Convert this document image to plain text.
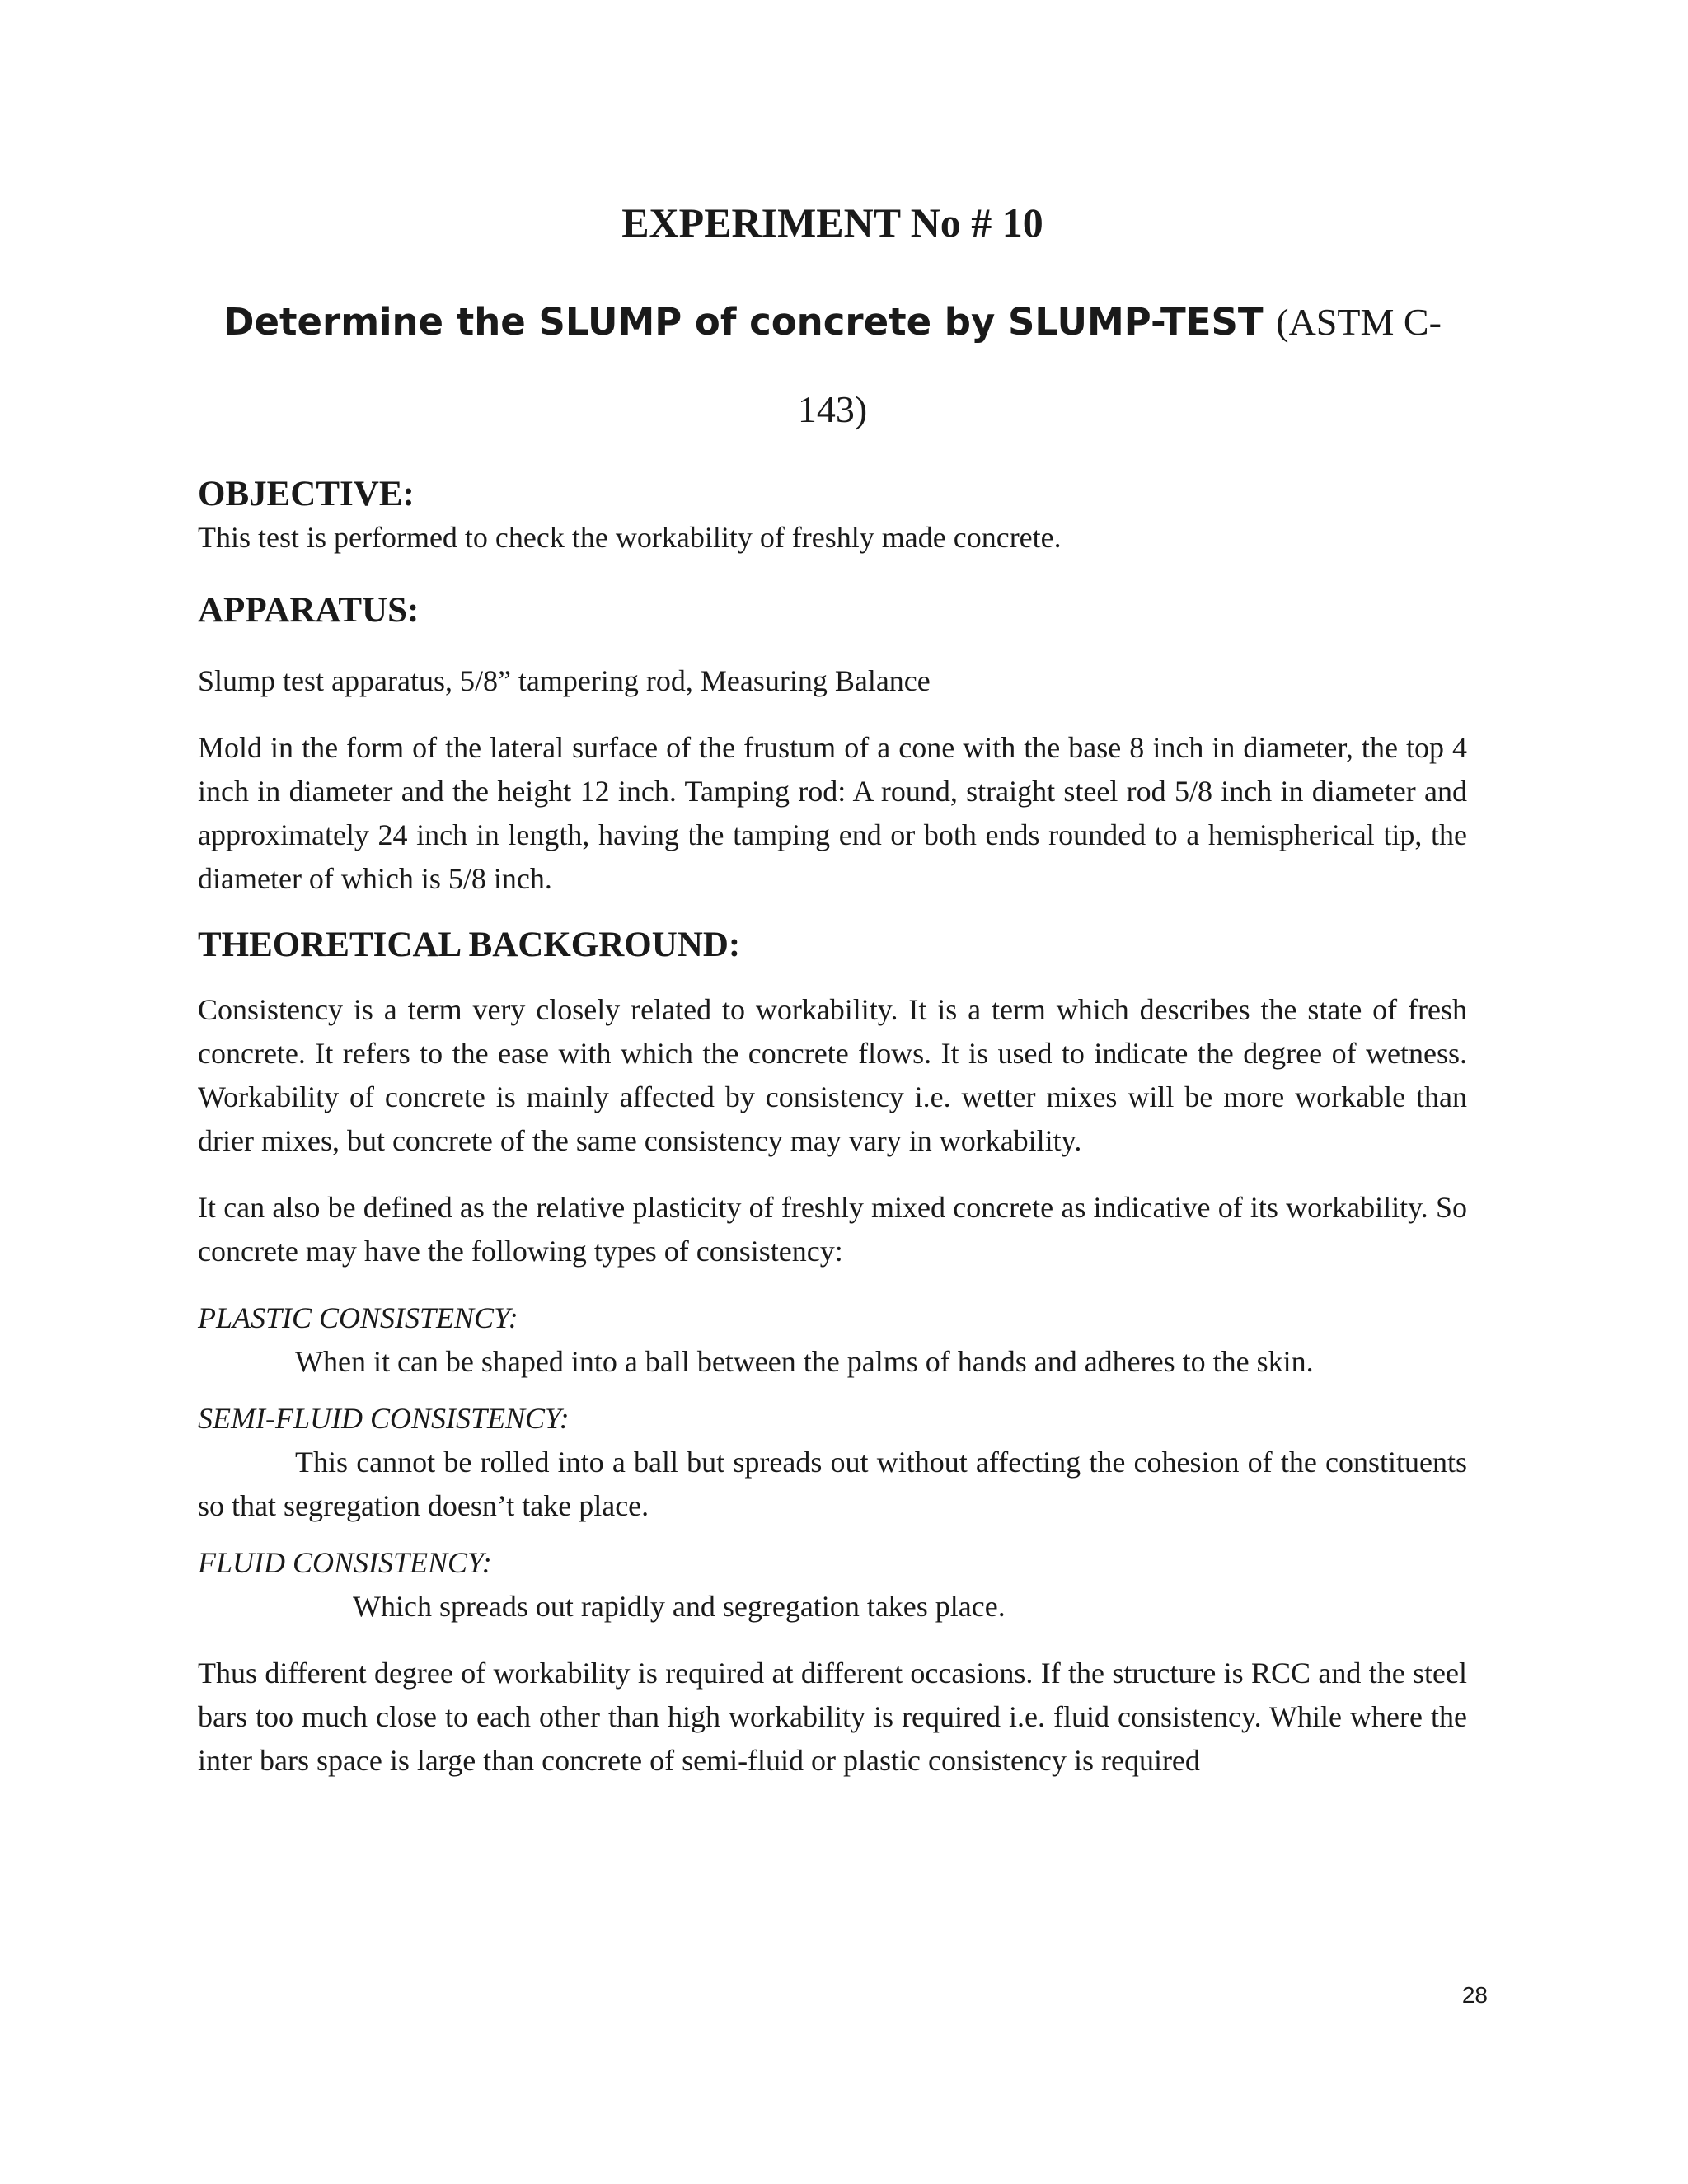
EXPERIMENT No # 10
Determine the SLUMP of concrete by SLUMP-TEST (ASTM C-143)
OBJECTIVE:
This test is performed to check the workability of freshly made concrete.
APPARATUS:
Slump test apparatus, 5/8” tampering rod, Measuring Balance
Mold in the form of the lateral surface of the frustum of a cone with the base 8 inch in diameter, the top 4 inch in diameter and the height 12 inch. Tamping rod: A round, straight steel rod 5/8 inch in diameter and approximately 24 inch in length, having the tamping end or both ends rounded to a hemispherical tip, the diameter of which is 5/8 inch.
THEORETICAL BACKGROUND:
Consistency is a term very closely related to workability. It is a term which describes the state of fresh concrete. It refers to the ease with which the concrete flows. It is used to indicate the degree of wetness. Workability of concrete is mainly affected by consistency i.e. wetter mixes will be more workable than drier mixes, but concrete of the same consistency may vary in workability.
It can also be defined as the relative plasticity of freshly mixed concrete as indicative of its workability. So concrete may have the following types of consistency:
PLASTIC CONSISTENCY:
When it can be shaped into a ball between the palms of hands and adheres to the skin.
SEMI-FLUID CONSISTENCY:
This cannot be rolled into a ball but spreads out without affecting the cohesion of the constituents so that segregation doesn’t take place.
FLUID CONSISTENCY:
Which spreads out rapidly and segregation takes place.
Thus different degree of workability is required at different occasions. If the structure is RCC and the steel bars too much close to each other than high workability is required i.e. fluid consistency. While where the inter bars space is large than concrete of semi-fluid or plastic consistency is required
28
